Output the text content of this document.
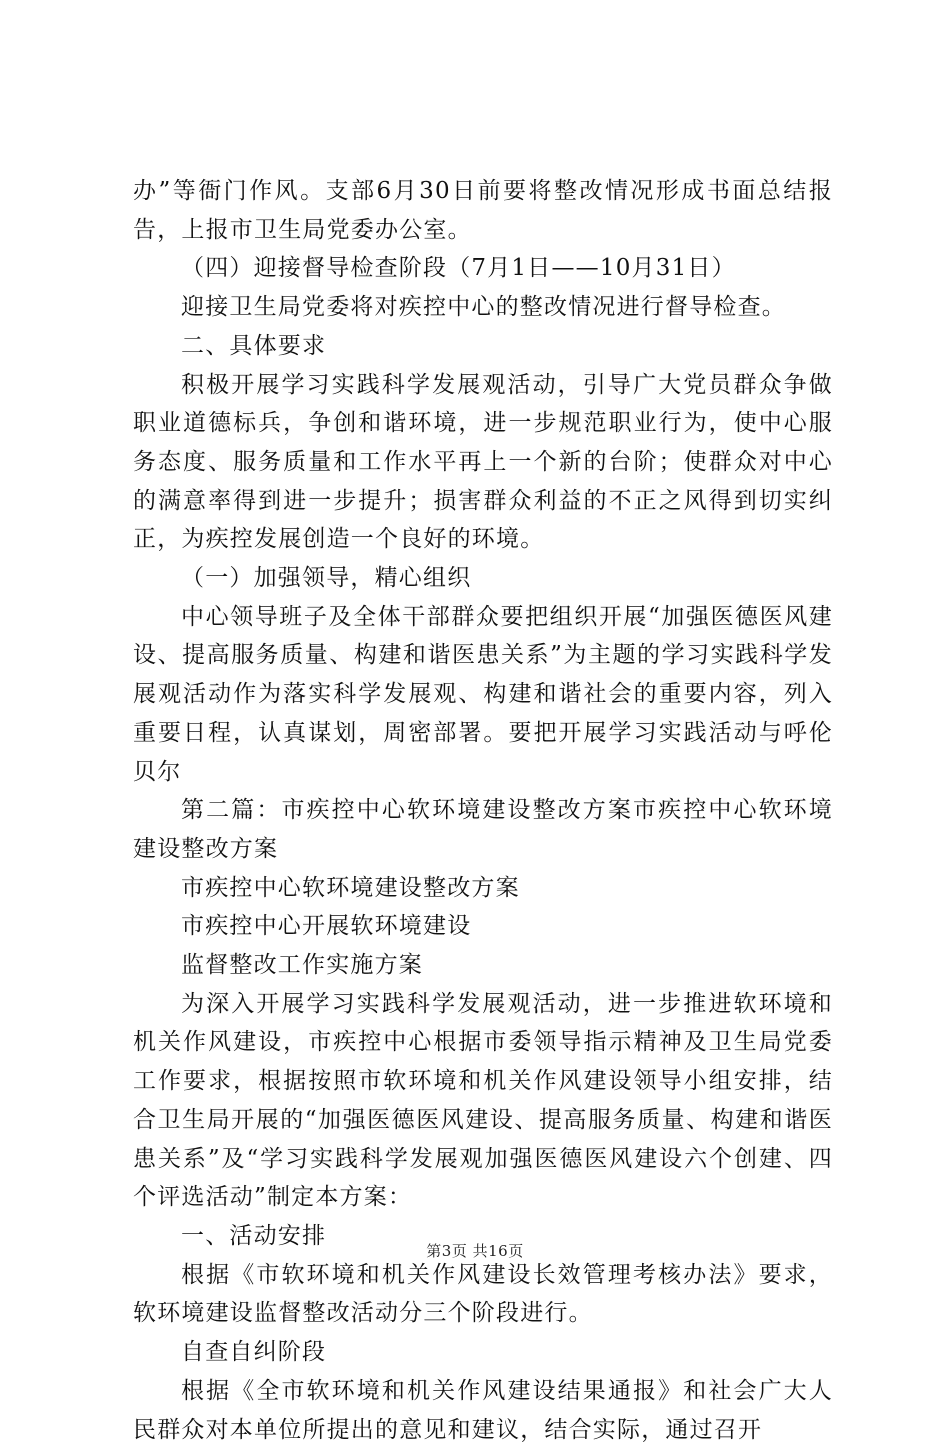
办”等衙门作风。支部6月30日前要将整改情况形成书面总结报告，上报市卫生局党委办公室。

（四）迎接督导检查阶段（7月1日——10月31日）

迎接卫生局党委将对疾控中心的整改情况进行督导检查。

二、具体要求

积极开展学习实践科学发展观活动，引导广大党员群众争做职业道德标兵，争创和谐环境，进一步规范职业行为，使中心服务态度、服务质量和工作水平再上一个新的台阶；使群众对中心的满意率得到进一步提升；损害群众利益的不正之风得到切实纠正，为疾控发展创造一个良好的环境。

（一）加强领导，精心组织

中心领导班子及全体干部群众要把组织开展“加强医德医风建设、提高服务质量、构建和谐医患关系”为主题的学习实践科学发展观活动作为落实科学发展观、构建和谐社会的重要内容，列入重要日程，认真谋划，周密部署。要把开展学习实践活动与呼伦贝尔

第二篇：市疾控中心软环境建设整改方案市疾控中心软环境建设整改方案

市疾控中心软环境建设整改方案

市疾控中心开展软环境建设

监督整改工作实施方案

为深入开展学习实践科学发展观活动，进一步推进软环境和机关作风建设，市疾控中心根据市委领导指示精神及卫生局党委工作要求，根据按照市软环境和机关作风建设领导小组安排，结合卫生局开展的“加强医德医风建设、提高服务质量、构建和谐医患关系”及“学习实践科学发展观加强医德医风建设六个创建、四个评选活动”制定本方案：

一、活动安排

根据《市软环境和机关作风建设长效管理考核办法》要求，软环境建设监督整改活动分三个阶段进行。

自查自纠阶段

根据《全市软环境和机关作风建设结果通报》和社会广大人民群众对本单位所提出的意见和建议，结合实际，通过召开

第3页 共16页
